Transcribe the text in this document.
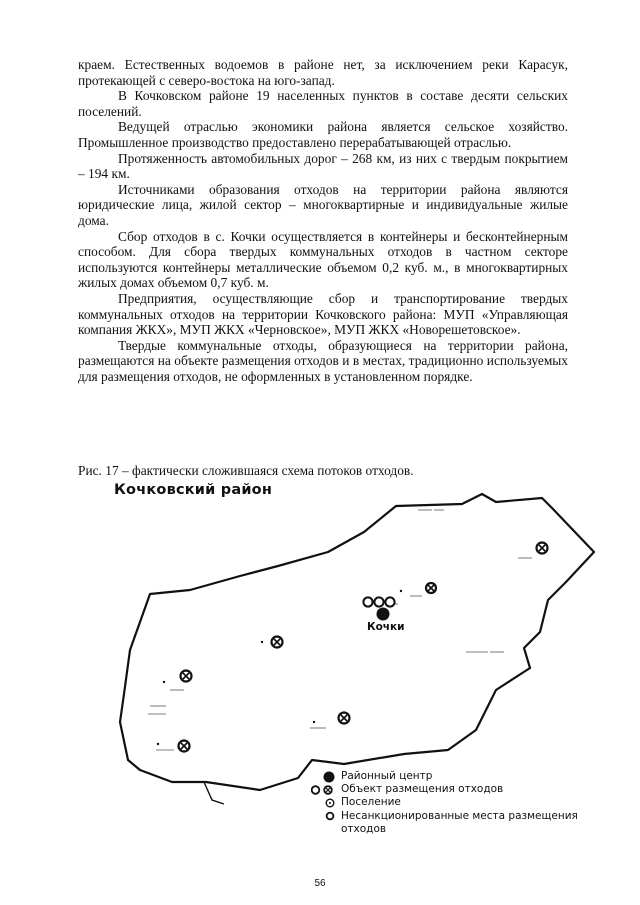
краем. Естественных водоемов в районе нет, за исключением реки Карасук, протекающей с северо-востока на юго-запад.

В Кочковском районе 19 населенных пунктов в составе десяти сельских поселений.

Ведущей отраслью экономики района является сельское хозяйство. Промышленное производство предоставлено перерабатывающей отраслью.

Протяженность автомобильных дорог – 268 км, из них с твердым покрытием – 194 км.

Источниками образования отходов на территории района являются юридические лица, жилой сектор – многоквартирные и индивидуальные жилые дома.

Сбор отходов в с. Кочки осуществляется в контейнеры и бесконтейнерным способом. Для сбора твердых коммунальных отходов в частном секторе используются контейнеры металлические объемом 0,2 куб. м., в многоквартирных жилых домах объемом 0,7 куб. м.

Предприятия, осуществляющие сбор и транспортирование твердых коммунальных отходов на территории Кочковского района: МУП «Управляющая компания ЖКХ», МУП ЖКХ «Черновское», МУП ЖКХ «Новорешетовское».

Твердые коммунальные отходы, образующиеся на территории района, размещаются на объекте размещения отходов и в местах, традиционно используемых для размещения отходов, не оформленных в установленном порядке.

Рис. 17 – фактически сложившаяся схема потоков отходов.
Кочковский район
Кочки
Районный центр
Объект размещения отходов
Поселение
Несанкционированные места размещения
отходов
56
